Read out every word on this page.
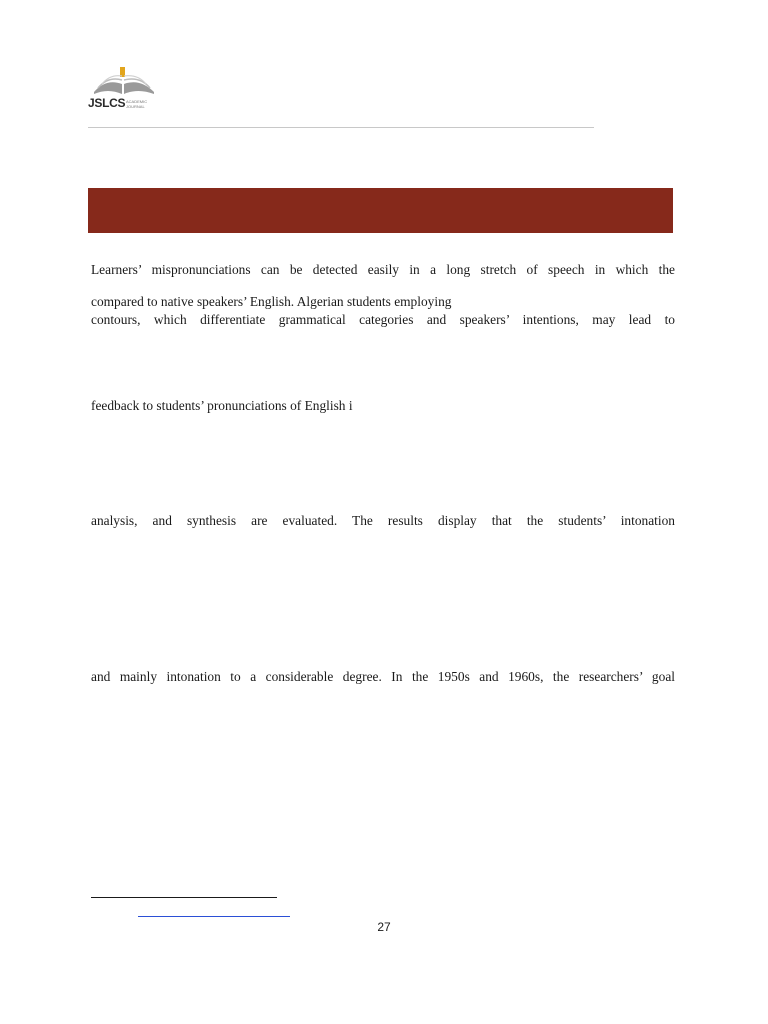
JSLCS ACADEMIC JOURNAL
Learners’ mispronunciations can be detected easily in a long stretch of speech in which the
compared to native speakers’ English. Algerian students employing
contours, which differentiate grammatical categories and speakers’ intentions, may lead to
feedback to students’ pronunciations of English i
analysis, and synthesis are evaluated. The results display that the students’ intonation
and mainly intonation to a considerable degree. In the 1950s and 1960s, the researchers’ goal
27
